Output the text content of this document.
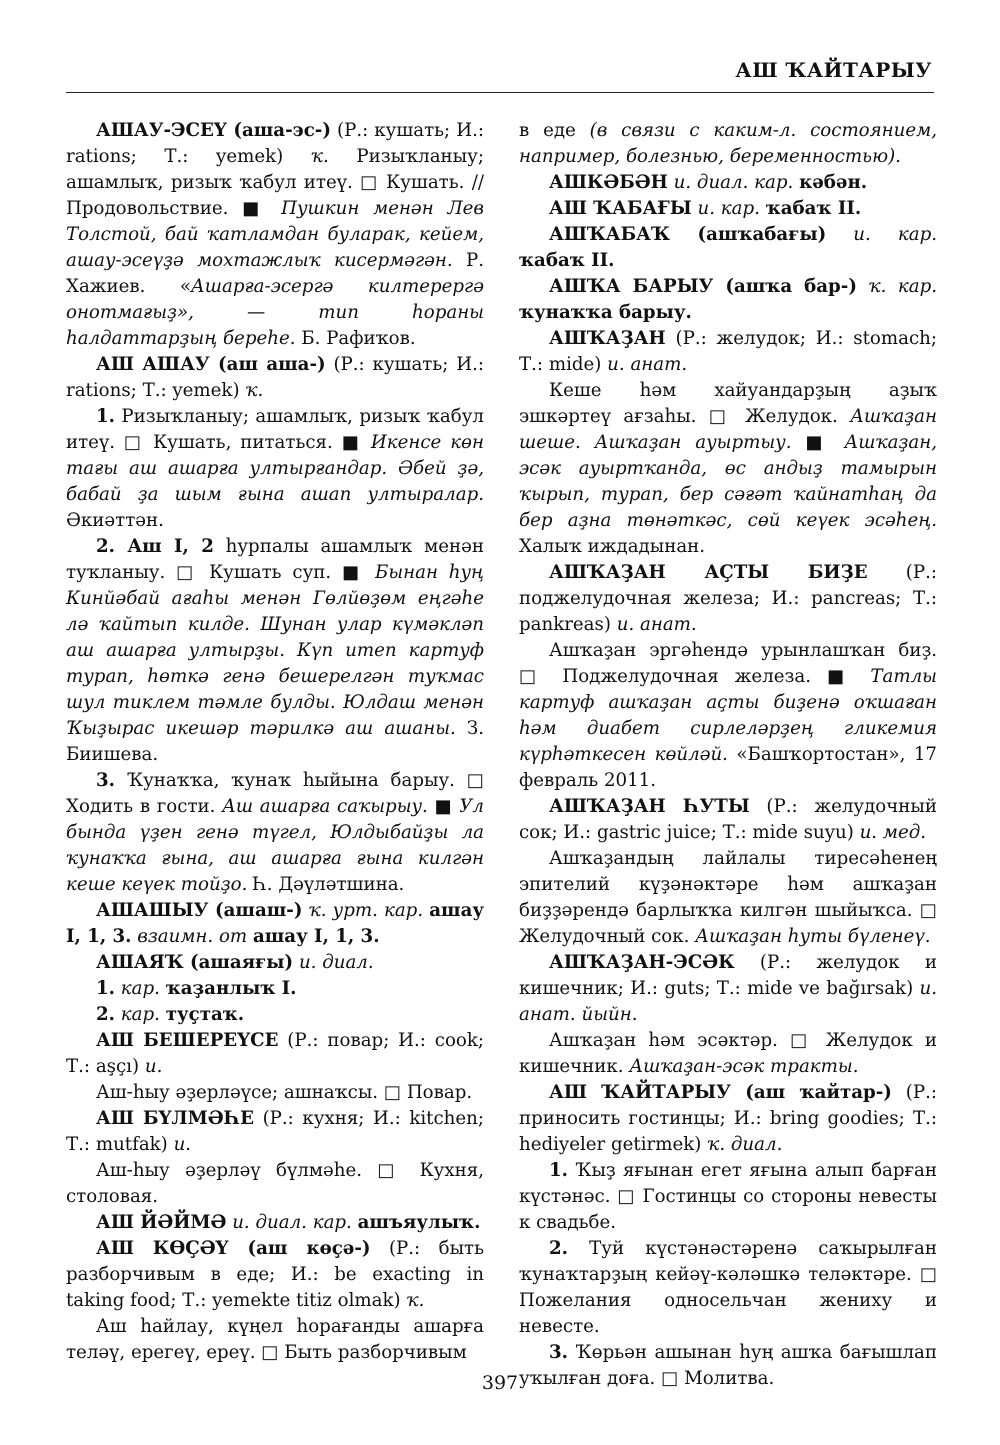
АШ ҠАЙТАРЫУ

АШАУ-ЭСЕҮ (аша-эс-) (Р.: кушать; И.: rations; Т.: yemek) ҡ. Ризыҡланыу; ашамлыҡ, ризыҡ ҡабул итеү. □ Кушать. // Продовольствие. ■ Пушкин менән Лев Толстой, бай ҡатламдан буларак, кейем, ашау-эсеүҙә мохтажлыҡ кисермәгән. Р. Хажиев. «Ашарға-эсергә килтерергә онотмағыҙ», — тип һораны һалдаттарҙың береһе. Б. Рафиҡов.

АШ АШАУ (аш аша-) (Р.: кушать; И.: rations; Т.: yemek) ҡ.

1. Ризыҡланыу; ашамлыҡ, ризыҡ ҡабул итеү. □ Кушать, питаться. ■ Икенсе көн тағы аш ашарға ултырғандар. Әбей ҙә, бабай ҙа шым ғына ашап ултыралар. Әкиәттән.

2. Аш I, 2 һурпалы ашамлыҡ менән туҡланыу. □ Кушать суп. ■ Бынан һуң Кинйәбай ағаһы менән Гөлйөҙөм еңгәһе лә ҡайтып килде. Шунан улар күмәкләп аш ашарға ултырҙы. Күп итеп картуф турап, һөткә генә бешерелгән туҡмас шул тиклем тәмле булды. Юлдаш менән Ҡыҙырас икешәр тәрилкә аш ашаны. З. Биишева.

3. Ҡунаҡҡа, ҡунаҡ һыйына барыу. □ Ходить в гости. Аш ашарға саҡырыу. ■ Ул бында үҙен генә түгел, Юлдыбайҙы ла ҡунаҡҡа ғына, аш ашарға ғына килгән кеше кеүек тойҙо. Һ. Дәүләтшина.

АШАШЫУ (ашаш-) ҡ. урт. кар. ашау I, 1, 3. взаимн. от ашау I, 1, 3.

АШАЯҠ (ашаяғы) и. диал.

1. кар. ҡаҙанлыҡ I.

2. кар. туҫтаҡ.

АШ БЕШЕРЕҮСЕ (Р.: повар; И.: cook; Т.: aşçı) и.

Аш-һыу әҙерләүсе; ашнаҡсы. □ Повар.

АШ БҮЛМӘҺЕ (Р.: кухня; И.: kitchen; Т.: mutfak) и.

Аш-һыу әҙерләү бүлмәһе. □ Кухня, столовая.

АШ ЙӘЙМӘ и. диал. кар. ашъяулыҡ.

АШ КӨҪӘҮ (аш көҫә-) (Р.: быть разборчивым в еде; И.: be exacting in taking food; Т.: yemekte titiz olmak) ҡ.

Аш һайлау, күңел һорағанды ашарға теләү, ерегеү, ереү. □ Быть разборчивым

в еде (в связи с каким-л. состоянием, например, болезнью, беременностью).

АШКӘБӘН и. диал. кар. кәбән.

АШ ҠАБАҒЫ и. кар. ҡабаҡ II.

АШҠАБАҠ (ашҡабағы) и. кар. ҡабаҡ II.

АШҠА БАРЫУ (ашҡа бар-) ҡ. кар. ҡунаҡҡа барыу.

АШҠАҘАН (Р.: желудок; И.: stomach; Т.: mide) и. анат.

Кеше һәм хайуандарҙың аҙыҡ эшкәртеү ағзаһы. □ Желудок. Ашҡаҙан шеше. Ашҡаҙан ауыртыу. ■ Ашҡаҙан, эсәк ауыртҡанда, өс андыҙ тамырын ҡырып, турап, бер сәғәт ҡайнатһаң да бер аҙна төнәткәс, сөй кеүек эсәһең. Халыҡ иждадынан.

АШҠАҘАН АҪТЫ БИҘЕ (Р.: поджелудочная железа; И.: pancreas; Т.: pankreas) и. анат.

Ашҡаҙан эргәһендә урынлашҡан биҙ. □ Поджелудочная железа. ■ Татлы картуф ашҡаҙан аҫты биҙенә оҡшаған һәм диабет сирлеләрҙең гликемия күрһәткесен көйләй. «Башҡортостан», 17 февраль 2011.

АШҠАҘАН ҺУТЫ (Р.: желудочный сок; И.: gastric juice; Т.: mide suyu) и. мед.

Ашҡаҙандың лайлалы тиресәһенең эпителий күҙәнәктәре һәм ашҡаҙан биҙҙәрендә барлыҡҡа килгән шыйыҡса. □ Желудочный сок. Ашҡаҙан һуты бүленеү.

АШҠАҘАН-ЭСӘК (Р.: желудок и кишечник; И.: guts; Т.: mide ve bağırsak) и. анат. йыйн.

Ашҡаҙан һәм эсәктәр. □ Желудок и кишечник. Ашҡаҙан-эсәк тракты.

АШ ҠАЙТАРЫУ (аш ҡайтар-) (Р.: приносить гостинцы; И.: bring goodies; Т.: hediyeler getirmek) ҡ. диал.

1. Ҡыҙ яғынан егет яғына алып барған күстәнәс. □ Гостинцы со стороны невесты к свадьбе.

2. Туй күстәнәстәренә саҡырылған ҡунаҡтарҙың кейәү-кәләшкә теләктәре. □ Пожелания односельчан жениху и невесте.

3. Ҡөрьән ашынан һуң ашҡа бағышлап уҡылған доға. □ Молитва.

397
